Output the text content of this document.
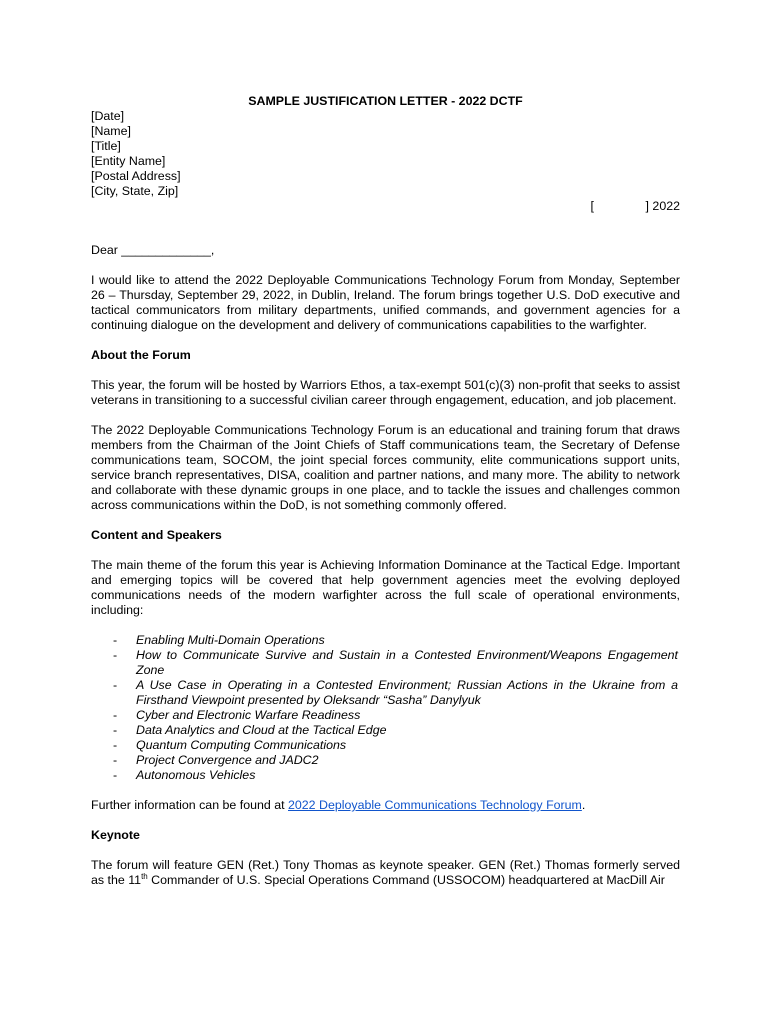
SAMPLE JUSTIFICATION LETTER - 2022 DCTF
[Date]
[Name]
[Title]
[Entity Name]
[Postal Address]
[City, State, Zip]
[               ] 2022
Dear _____________,

I would like to attend the 2022 Deployable Communications Technology Forum from Monday, September 26 – Thursday, September 29, 2022, in Dublin, Ireland. The forum brings together U.S. DoD executive and tactical communicators from military departments, unified commands, and government agencies for a continuing dialogue on the development and delivery of communications capabilities to the warfighter.

About the Forum

This year, the forum will be hosted by Warriors Ethos, a tax-exempt 501(c)(3) non-profit that seeks to assist veterans in transitioning to a successful civilian career through engagement, education, and job placement.

The 2022 Deployable Communications Technology Forum is an educational and training forum that draws members from the Chairman of the Joint Chiefs of Staff communications team, the Secretary of Defense communications team, SOCOM, the joint special forces community, elite communications support units, service branch representatives, DISA, coalition and partner nations, and many more. The ability to network and collaborate with these dynamic groups in one place, and to tackle the issues and challenges common across communications within the DoD, is not something commonly offered.

Content and Speakers

The main theme of the forum this year is Achieving Information Dominance at the Tactical Edge. Important and emerging topics will be covered that help government agencies meet the evolving deployed communications needs of the modern warfighter across the full scale of operational environments, including:

- Enabling Multi-Domain Operations
- How to Communicate Survive and Sustain in a Contested Environment/Weapons Engagement Zone
- A Use Case in Operating in a Contested Environment; Russian Actions in the Ukraine from a Firsthand Viewpoint presented by Oleksandr “Sasha” Danylyuk
- Cyber and Electronic Warfare Readiness
- Data Analytics and Cloud at the Tactical Edge
- Quantum Computing Communications
- Project Convergence and JADC2
- Autonomous Vehicles

Further information can be found at 2022 Deployable Communications Technology Forum.

Keynote

The forum will feature GEN (Ret.) Tony Thomas as keynote speaker. GEN (Ret.) Thomas formerly served as the 11th Commander of U.S. Special Operations Command (USSOCOM) headquartered at MacDill Air
